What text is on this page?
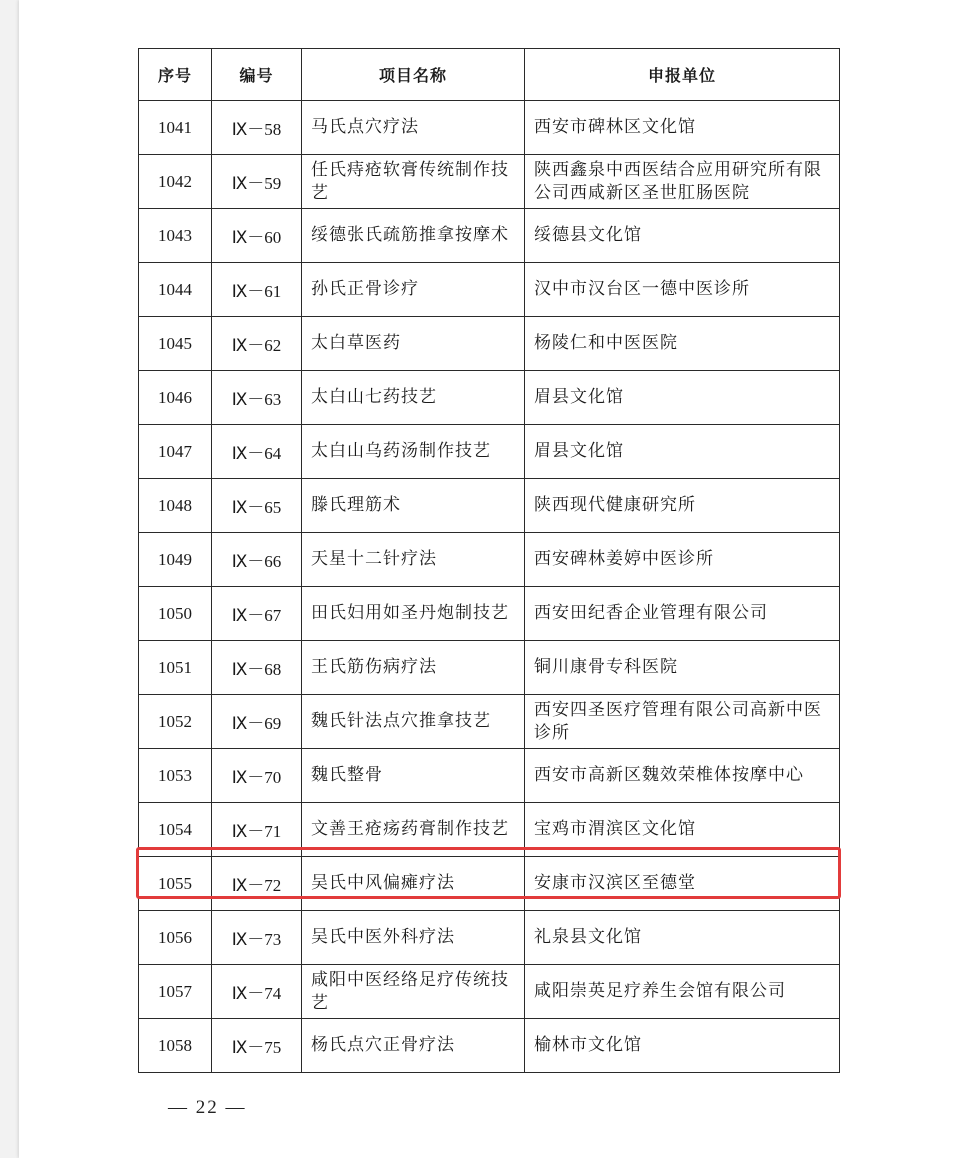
序号	编号	项目名称	申报单位
1041	Ⅸ－58	马氏点穴疗法	西安市碑林区文化馆
1042	Ⅸ－59	任氏痔疮软膏传统制作技艺	陕西鑫泉中西医结合应用研究所有限公司西咸新区圣世肛肠医院
1043	Ⅸ－60	绥德张氏疏筋推拿按摩术	绥德县文化馆
1044	Ⅸ－61	孙氏正骨诊疗	汉中市汉台区一德中医诊所
1045	Ⅸ－62	太白草医药	杨陵仁和中医医院
1046	Ⅸ－63	太白山七药技艺	眉县文化馆
1047	Ⅸ－64	太白山乌药汤制作技艺	眉县文化馆
1048	Ⅸ－65	滕氏理筋术	陕西现代健康研究所
1049	Ⅸ－66	天星十二针疗法	西安碑林姜婷中医诊所
1050	Ⅸ－67	田氏妇用如圣丹炮制技艺	西安田纪香企业管理有限公司
1051	Ⅸ－68	王氏筋伤病疗法	铜川康骨专科医院
1052	Ⅸ－69	魏氏针法点穴推拿技艺	西安四圣医疗管理有限公司高新中医诊所
1053	Ⅸ－70	魏氏整骨	西安市高新区魏效荣椎体按摩中心
1054	Ⅸ－71	文善王疮疡药膏制作技艺	宝鸡市渭滨区文化馆
1055	Ⅸ－72	吴氏中风偏瘫疗法	安康市汉滨区至德堂
1056	Ⅸ－73	吴氏中医外科疗法	礼泉县文化馆
1057	Ⅸ－74	咸阳中医经络足疗传统技艺	咸阳崇英足疗养生会馆有限公司
1058	Ⅸ－75	杨氏点穴正骨疗法	榆林市文化馆
— 22 —
